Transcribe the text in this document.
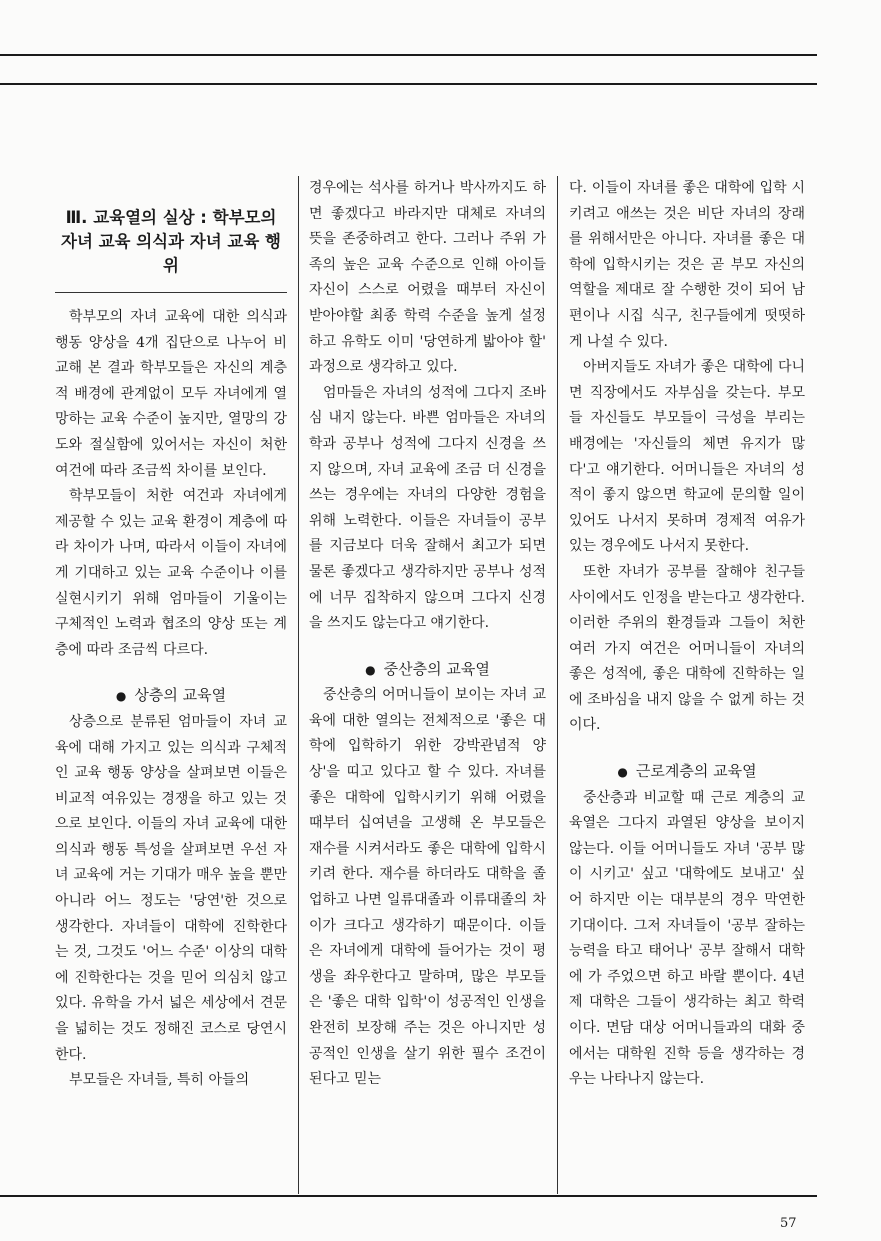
Ⅲ. 교육열의 실상 : 학부모의 자녀 교육 의식과 자녀 교육 행위

학부모의 자녀 교육에 대한 의식과 행동 양상을 4개 집단으로 나누어 비교해 본 결과 학부모들은 자신의 계층적 배경에 관계없이 모두 자녀에게 열망하는 교육 수준이 높지만, 열망의 강도와 절실함에 있어서는 자신이 처한 여건에 따라 조금씩 차이를 보인다.

학부모들이 처한 여건과 자녀에게 제공할 수 있는 교육 환경이 계층에 따라 차이가 나며, 따라서 이들이 자녀에게 기대하고 있는 교육 수준이나 이를 실현시키기 위해 엄마들이 기울이는 구체적인 노력과 협조의 양상 또는 계층에 따라 조금씩 다르다.

● 상층의 교육열

상층으로 분류된 엄마들이 자녀 교육에 대해 가지고 있는 의식과 구체적인 교육 행동 양상을 살펴보면 이들은 비교적 여유있는 경쟁을 하고 있는 것으로 보인다. 이들의 자녀 교육에 대한 의식과 행동 특성을 살펴보면 우선 자녀 교육에 거는 기대가 매우 높을 뿐만 아니라 어느 정도는 '당연'한 것으로 생각한다. 자녀들이 대학에 진학한다는 것, 그것도 '어느 수준' 이상의 대학에 진학한다는 것을 믿어 의심치 않고 있다. 유학을 가서 넓은 세상에서 견문을 넓히는 것도 정해진 코스로 당연시한다.

부모들은 자녀들, 특히 아들의

경우에는 석사를 하거나 박사까지도 하면 좋겠다고 바라지만 대체로 자녀의 뜻을 존중하려고 한다. 그러나 주위 가족의 높은 교육 수준으로 인해 아이들 자신이 스스로 어렸을 때부터 자신이 받아야할 최종 학력 수준을 높게 설정하고 유학도 이미 '당연하게 밟아야 할' 과정으로 생각하고 있다.

엄마들은 자녀의 성적에 그다지 조바심 내지 않는다. 바쁜 엄마들은 자녀의 학과 공부나 성적에 그다지 신경을 쓰지 않으며, 자녀 교육에 조금 더 신경을 쓰는 경우에는 자녀의 다양한 경험을 위해 노력한다. 이들은 자녀들이 공부를 지금보다 더욱 잘해서 최고가 되면 물론 좋겠다고 생각하지만 공부나 성적에 너무 집착하지 않으며 그다지 신경을 쓰지도 않는다고 얘기한다.

● 중산층의 교육열

중산층의 어머니들이 보이는 자녀 교육에 대한 열의는 전체적으로 '좋은 대학에 입학하기 위한 강박관념적 양상'을 띠고 있다고 할 수 있다. 자녀를 좋은 대학에 입학시키기 위해 어렸을 때부터 십여년을 고생해 온 부모들은 재수를 시켜서라도 좋은 대학에 입학시키려 한다. 재수를 하더라도 대학을 졸업하고 나면 일류대졸과 이류대졸의 차이가 크다고 생각하기 때문이다. 이들은 자녀에게 대학에 들어가는 것이 평생을 좌우한다고 말하며, 많은 부모들은 '좋은 대학 입학'이 성공적인 인생을 완전히 보장해 주는 것은 아니지만 성공적인 인생을 살기 위한 필수 조건이 된다고 믿는

다. 이들이 자녀를 좋은 대학에 입학 시키려고 애쓰는 것은 비단 자녀의 장래를 위해서만은 아니다. 자녀를 좋은 대학에 입학시키는 것은 곧 부모 자신의 역할을 제대로 잘 수행한 것이 되어 남편이나 시집 식구, 친구들에게 떳떳하게 나설 수 있다.

아버지들도 자녀가 좋은 대학에 다니면 직장에서도 자부심을 갖는다. 부모들 자신들도 부모들이 극성을 부리는 배경에는 '자신들의 체면 유지가 많다'고 얘기한다. 어머니들은 자녀의 성적이 좋지 않으면 학교에 문의할 일이 있어도 나서지 못하며 경제적 여유가 있는 경우에도 나서지 못한다.

또한 자녀가 공부를 잘해야 친구들 사이에서도 인정을 받는다고 생각한다. 이러한 주위의 환경들과 그들이 처한 여러 가지 여건은 어머니들이 자녀의 좋은 성적에, 좋은 대학에 진학하는 일에 조바심을 내지 않을 수 없게 하는 것이다.

● 근로계층의 교육열

중산층과 비교할 때 근로 계층의 교육열은 그다지 과열된 양상을 보이지 않는다. 이들 어머니들도 자녀 '공부 많이 시키고' 싶고 '대학에도 보내고' 싶어 하지만 이는 대부분의 경우 막연한 기대이다. 그저 자녀들이 '공부 잘하는 능력을 타고 태어나' 공부 잘해서 대학에 가 주었으면 하고 바랄 뿐이다. 4년제 대학은 그들이 생각하는 최고 학력이다. 면담 대상 어머니들과의 대화 중에서는 대학원 진학 등을 생각하는 경우는 나타나지 않는다.

57
